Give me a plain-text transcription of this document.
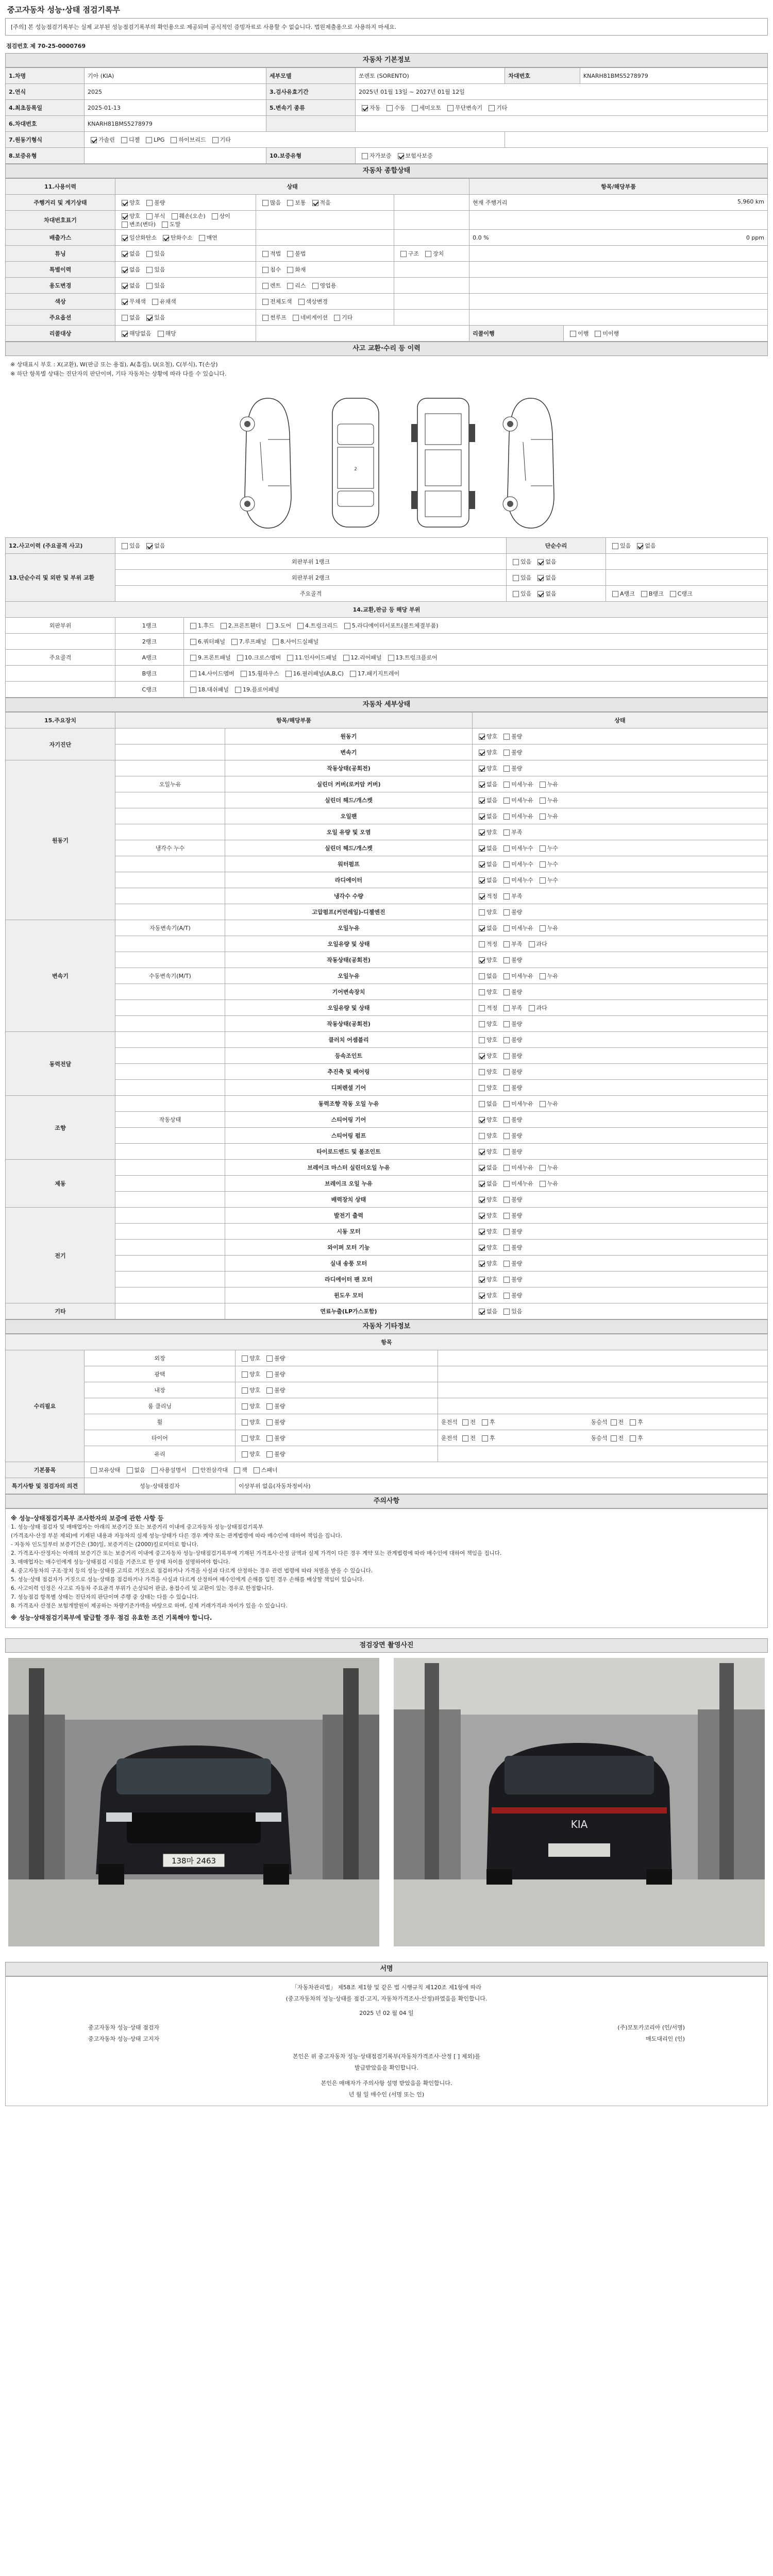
중고자동차 성능·상태 점검기록부
[주의] 본 성능점검기록부는 실제 교부된 성능점검기록부의 확인용으로 제공되며 공식적인 증빙자료로 사용할 수 없습니다. 법원제출용으로 사용하지 마세요.
점검번호 제 70-25-0000769
자동차 기본정보
1.차명	기아 (KIA)	세부모델	쏘렌토 (SORENTO)	차대번호	KNARH81BMS5278979
2.연식	2025	3.검사유효기간	2025년 01월 13일 ~ 2027년 01월 12일		
4.최초등록일	2025-01-13	5.변속기 종류	자동 수동 세미오토 무단변속기 기타		
6.차대번호	KNARH81BMS5278979				
7.원동기형식	가솔린 디젤 LPG 하이브리드 기타				
8.보증유형		10.보증유형	자가보증 보험사보증		
자동차 종합상태
11.사용이력	상태			항목/해당부품	
주행거리 및 계기상태	양호 불량	많음 보통 적음		현재 주행거리 5,960 km	

차대번호표기	양호 부식 훼손(오손) 상이변조(변타) 도말				
배출가스	일산화탄소 탄화수소 매연			0.0 % 0 ppm	

튜닝	없음 있음	적법 불법	구조 장치		
특별이력	없음 있음	침수 화재			
용도변경	없음 있음	렌트 리스 영업용			
색상	무채색 유채색	전체도색 색상변경			
주요옵션	없음 있음	썬루프 네비게이션 기타			
리콜대상	해당없음 해당			리콜이행	이행 미이행
사고 교환·수리 등 이력
※ 상태표시 부호 : X(교환), W(판금 또는 용접), A(흠집), U(요철), C(부식), T(손상)
※ 하단 항목별 상태는 진단자의 판단이며, 기타 자동차는 상황에 따라 다를 수 있습니다.
2
12.사고이력 (주요골격 사고)	있음 없음		단순수리	있음 없음
13.단순수리 및 외판 및 부위 교환	외판부위 1랭크		있음 없음	
	외판부위 2랭크		있음 없음	
	주요골격		있음 없음	A랭크 B랭크 C랭크
14.교환,판금 등 해당 부위				
외판부위	1랭크	1.후드 2.프론트휀더 3.도어 4.트렁크리드 5.라디에이터서포트(볼트체결부품)		
	2랭크	6.쿼터패널 7.루프패널 8.사이드실패널		
주요골격	A랭크	9.프론트패널 10.크로스멤버 11.인사이드패널 12.리어패널 13.트렁크플로어		
	B랭크	14.사이드멤버 15.휠하우스 16.필러패널(A,B,C) 17.패키지트레이		
	C랭크	18.대쉬패널 19.플로어패널		
자동차 세부상태
15.주요장치	항목/해당부품		상태
자기진단		원동기	양호 불량
		변속기	양호 불량
원동기		작동상태(공회전)	양호 불량
	오일누유	실린더 커버(로커암 커버)	없음 미세누유 누유
		실린더 헤드/개스켓	없음 미세누유 누유
		오일팬	없음 미세누유 누유
		오일 유량 및 오염	양호 부족
	냉각수 누수	실린더 헤드/개스켓	없음 미세누수 누수
		워터펌프	없음 미세누수 누수
		라디에이터	없음 미세누수 누수
		냉각수 수량	적정 부족
		고압펌프(커먼레일)-디젤엔진	양호 불량
변속기	자동변속기(A/T)	오일누유	없음 미세누유 누유
		오일유량 및 상태	적정 부족 과다
		작동상태(공회전)	양호 불량
	수동변속기(M/T)	오일누유	없음 미세누유 누유
		기어변속장치	양호 불량
		오일유량 및 상태	적정 부족 과다
		작동상태(공회전)	양호 불량
동력전달		클러치 어셈블리	양호 불량
		등속조인트	양호 불량
		추진축 및 베어링	양호 불량
		디퍼렌셜 기어	양호 불량
조향		동력조향 작동 오일 누유	없음 미세누유 누유
	작동상태	스티어링 기어	양호 불량
		스티어링 펌프	양호 불량
		타이로드엔드 및 볼조인트	양호 불량
제동		브레이크 마스터 실린더오일 누유	없음 미세누유 누유
		브레이크 오일 누유	없음 미세누유 누유
		배력장치 상태	양호 불량
전기		발전기 출력	양호 불량
		시동 모터	양호 불량
		와이퍼 모터 기능	양호 불량
		실내 송풍 모터	양호 불량
		라디에이터 팬 모터	양호 불량
		윈도우 모터	양호 불량
기타		연료누출(LP가스포함)	없음 있음
자동차 기타정보
항목			
수리필요	외장	양호 불량	
	광택	양호 불량	
	내장	양호 불량	
	룸 클리닝	양호 불량	
	휠	양호 불량	운전석 전 후 동승석 전 후
	타이어	양호 불량	운전석 전 후 동승석 전 후
	유리	양호 불량	
기본품목	보유상태 없음 사용설명서 안전삼각대 잭 스패너		
특기사항 및 점검자의 의견	성능·상태점검자	이상부위 없음(자동차정비사)	
주의사항
※ 성능·상태점검기록부 조사한자의 보증에 관한 사항 등
1. 성능·상태 점검자 및 매매업자는 아래의 보증기간 또는 보증거리 이내에 중고자동차 성능·상태점검기록부
(가격조사·산정 부분 제외)에 기재된 내용과 자동차의 실제 성능·상태가 다른 경우 계약 또는 관계법령에 따라 매수인에 대하여 책임을 집니다.
- 자동차 인도일부터 보증기간은 (30)일, 보증거리는 (2000)킬로미터로 합니다.
2. 가격조사·산정자는 아래의 보증기간 또는 보증거리 이내에 중고자동차 성능·상태점검기록부에 기재된 가격조사·산정 금액과 실제 가격이 다른 경우 계약 또는 관계법령에 따라 매수인에 대하여 책임을 집니다.
3. 매매업자는 매수인에게 성능·상태점검 시점을 기준으로 한 상태 차이를 설명하여야 합니다.
4. 중고자동차의 구조·장치 등의 성능·상태를 고의로 거짓으로 점검하거나 가격을 사실과 다르게 산정하는 경우 관련 법령에 따라 처벌을 받을 수 있습니다.
5. 성능·상태 점검자가 거짓으로 성능·상태를 점검하거나 가격을 사실과 다르게 산정하여 매수인에게 손해를 입힌 경우 손해를 배상할 책임이 있습니다.
6. 사고이력 인정은 사고로 자동차 주요골격 부위가 손상되어 판금, 용접수리 및 교환이 있는 경우로 한정합니다.
7. 성능점검 항목별 상태는 진단자의 판단이며 주행 중 상태는 다를 수 있습니다.
8. 가격조사 산정은 보험개발원이 제공하는 차량기준가액을 바탕으로 하며, 실제 거래가격과 차이가 있을 수 있습니다.
※ 성능·상태점검기록부에 발급할 경우 점검 유효한 조건 기록해야 합니다.
점검장면 촬영사진
138마 2463
KIA
서명
「자동차관리법」 제58조 제1항 및 같은 법 시행규칙 제120조 제1항에 따라
(중고자동차의 성능·상태를 점검·고지, 자동차가격조사·산정)하였음을 확인합니다.
2025 년 02 월 04 일
중고자동차 성능·상태 점검자	(주)모토카코리아 (인/서명)
중고자동차 성능·상태 고지자	매도대리인 (인)
본인은 위 중고자동차 성능·상태점검기록부(자동차가격조사·산정 [ ] 제외)를
발급받았음을 확인합니다.
본인은 매매자가 주의사항 설명 받았음을 확인합니다.
년 월 일 매수인 (서명 또는 인)
